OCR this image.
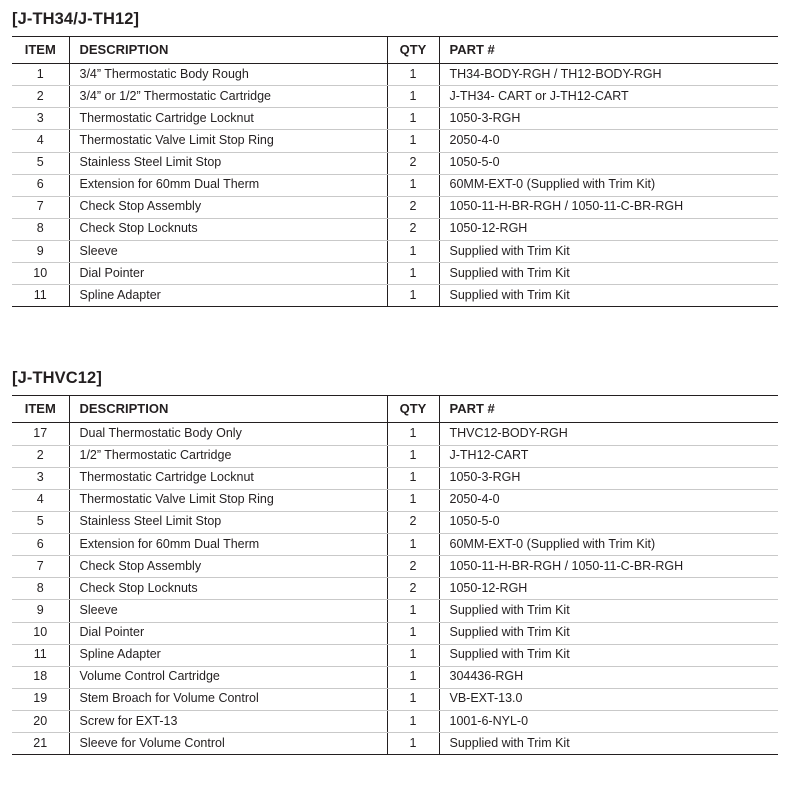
[J-TH34/J-TH12]
ITEM	DESCRIPTION	QTY	PART #
1	3/4” Thermostatic Body Rough	1	TH34-BODY-RGH / TH12-BODY-RGH
2	3/4” or 1/2” Thermostatic Cartridge	1	J-TH34- CART or J-TH12-CART
3	Thermostatic Cartridge Locknut	1	1050-3-RGH
4	Thermostatic Valve Limit Stop Ring	1	2050-4-0
5	Stainless Steel Limit Stop	2	1050-5-0
6	Extension for 60mm Dual Therm	1	60MM-EXT-0 (Supplied with Trim Kit)
7	Check Stop Assembly	2	1050-11-H-BR-RGH / 1050-11-C-BR-RGH
8	Check Stop Locknuts	2	1050-12-RGH
9	Sleeve	1	Supplied with Trim Kit
10	Dial Pointer	1	Supplied with Trim Kit
11	Spline Adapter	1	Supplied with Trim Kit
[J-THVC12]
ITEM	DESCRIPTION	QTY	PART #
17	Dual Thermostatic Body Only	1	THVC12-BODY-RGH
2	1/2” Thermostatic Cartridge	1	J-TH12-CART
3	Thermostatic Cartridge Locknut	1	1050-3-RGH
4	Thermostatic Valve Limit Stop Ring	1	2050-4-0
5	Stainless Steel Limit Stop	2	1050-5-0
6	Extension for 60mm Dual Therm	1	60MM-EXT-0 (Supplied with Trim Kit)
7	Check Stop Assembly	2	1050-11-H-BR-RGH / 1050-11-C-BR-RGH
8	Check Stop Locknuts	2	1050-12-RGH
9	Sleeve	1	Supplied with Trim Kit
10	Dial Pointer	1	Supplied with Trim Kit
11	Spline Adapter	1	Supplied with Trim Kit
18	Volume Control Cartridge	1	304436-RGH
19	Stem Broach for Volume Control	1	VB-EXT-13.0
20	Screw for EXT-13	1	1001-6-NYL-0
21	Sleeve for Volume Control	1	Supplied with Trim Kit
